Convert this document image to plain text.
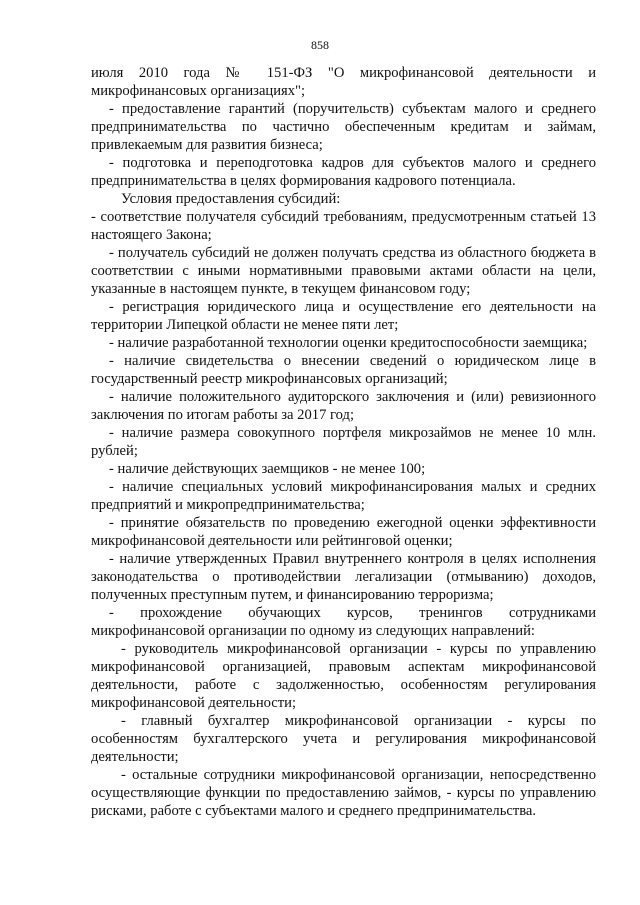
858

июля 2010 года № 151-ФЗ "О микрофинансовой деятельности и микрофинансовых организациях";

- предоставление гарантий (поручительств) субъектам малого и среднего предпринимательства по частично обеспеченным кредитам и займам, привлекаемым для развития бизнеса;

- подготовка и переподготовка кадров для субъектов малого и среднего предпринимательства в целях формирования кадрового потенциала.

Условия предоставления субсидий:

- соответствие получателя субсидий требованиям, предусмотренным статьей 13 настоящего Закона;

- получатель субсидий не должен получать средства из областного бюджета в соответствии с иными нормативными правовыми актами области на цели, указанные в настоящем пункте, в текущем финансовом году;

- регистрация юридического лица и осуществление его деятельности на территории Липецкой области не менее пяти лет;

- наличие разработанной технологии оценки кредитоспособности заемщика;

- наличие свидетельства о внесении сведений о юридическом лице в государственный реестр микрофинансовых организаций;

- наличие положительного аудиторского заключения и (или) ревизионного заключения по итогам работы за 2017 год;

- наличие размера совокупного портфеля микрозаймов не менее 10 млн. рублей;

- наличие действующих заемщиков - не менее 100;

- наличие специальных условий микрофинансирования малых и средних предприятий и микропредпринимательства;

- принятие обязательств по проведению ежегодной оценки эффективности микрофинансовой деятельности или рейтинговой оценки;

- наличие утвержденных Правил внутреннего контроля в целях исполнения законодательства о противодействии легализации (отмыванию) доходов, полученных преступным путем, и финансированию терроризма;

- прохождение обучающих курсов, тренингов сотрудниками микрофинансовой организации по одному из следующих направлений:

- руководитель микрофинансовой организации - курсы по управлению микрофинансовой организацией, правовым аспектам микрофинансовой деятельности, работе с задолженностью, особенностям регулирования микрофинансовой деятельности;

- главный бухгалтер микрофинансовой организации - курсы по особенностям бухгалтерского учета и регулирования микрофинансовой деятельности;

- остальные сотрудники микрофинансовой организации, непосредственно осуществляющие функции по предоставлению займов, - курсы по управлению рисками, работе с субъектами малого и среднего предпринимательства.
